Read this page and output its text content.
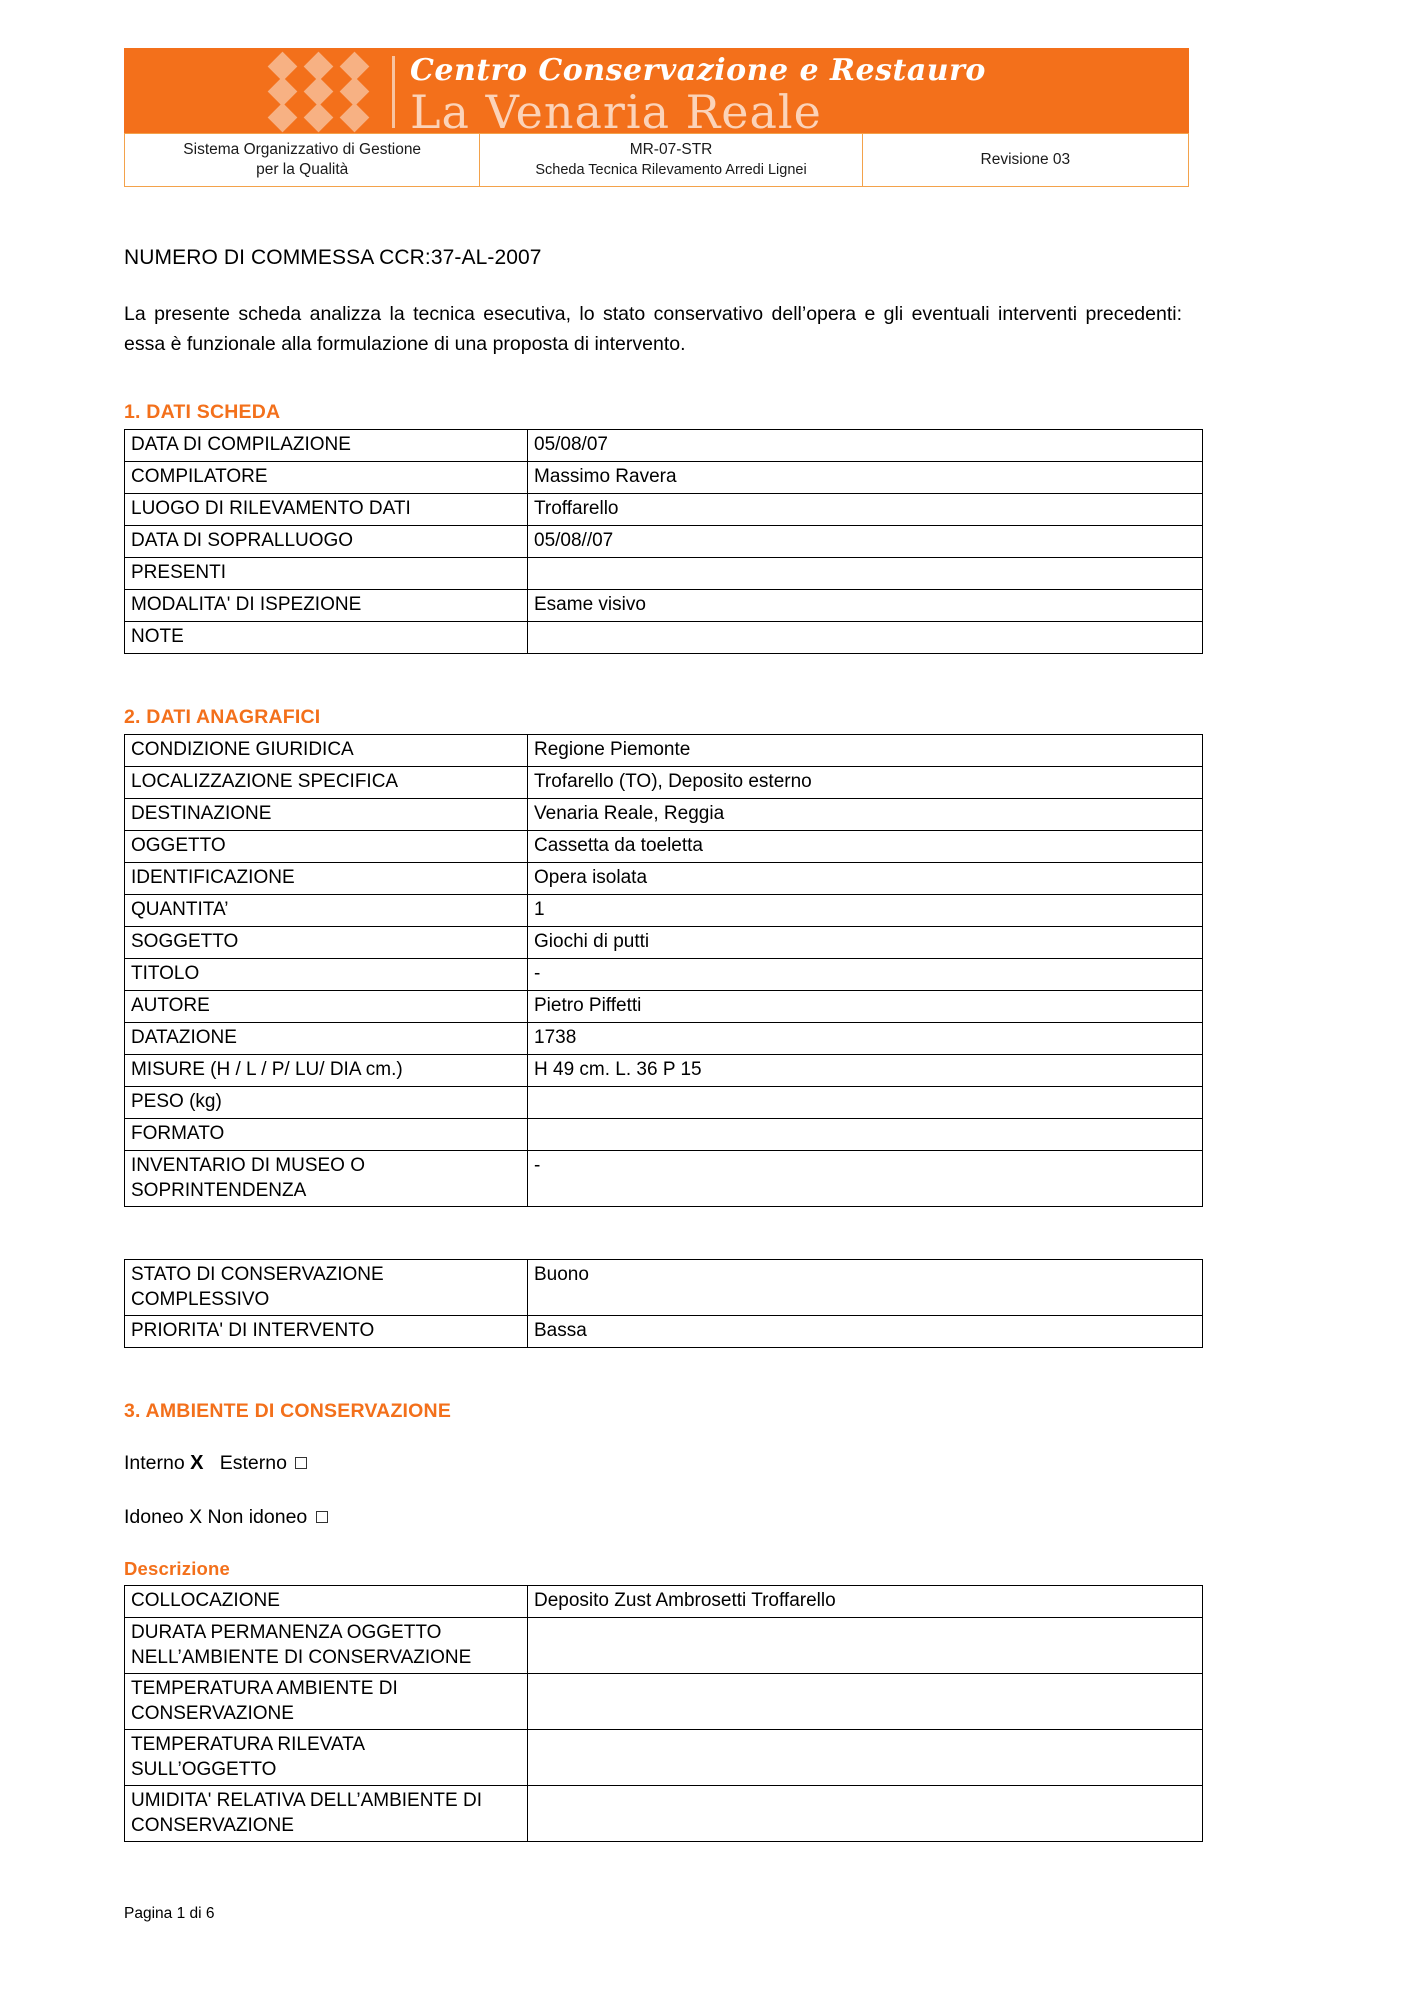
Centro Conservazione e Restauro
La Venaria Reale
Sistema Organizzativo di Gestione
per la Qualità

MR-07-STR
Scheda Tecnica Rilevamento Arredi Lignei
	Revisione 03
NUMERO DI COMMESSA CCR:37-AL-2007
La presente scheda analizza la tecnica esecutiva, lo stato conservativo dell’opera e gli eventuali interventi precedenti: essa è funzionale alla formulazione di una proposta di intervento.
1. DATI SCHEDA
DATA DI COMPILAZIONE	05/08/07

COMPILATORE	Massimo Ravera

LUOGO DI RILEVAMENTO DATI	Troffarello

DATA DI SOPRALLUOGO	05/08//07

PRESENTI	

MODALITA' DI ISPEZIONE	Esame visivo

NOTE	

2. DATI ANAGRAFICI
CONDIZIONE GIURIDICA	Regione Piemonte

LOCALIZZAZIONE SPECIFICA	Trofarello (TO), Deposito esterno

DESTINAZIONE	Venaria Reale, Reggia

OGGETTO	Cassetta da toeletta

IDENTIFICAZIONE	Opera isolata

QUANTITA’	1

SOGGETTO	Giochi di putti

TITOLO	-

AUTORE	Pietro Piffetti

DATAZIONE	1738

MISURE (H / L / P/ LU/ DIA cm.)	H 49 cm. L. 36 P 15

PESO (kg)	

FORMATO	

INVENTARIO DI MUSEO O
SOPRINTENDENZA	-
STATO DI CONSERVAZIONE
COMPLESSIVO	Buono

PRIORITA' DI INTERVENTO	Bassa
3. AMBIENTE DI CONSERVAZIONE
Interno X Esterno
Idoneo X Non idoneo
Descrizione
COLLOCAZIONE	Deposito Zust Ambrosetti Troffarello

DURATA PERMANENZA OGGETTO
NELL’AMBIENTE DI CONSERVAZIONE	

TEMPERATURA AMBIENTE DI
CONSERVAZIONE	

TEMPERATURA RILEVATA
SULL’OGGETTO	

UMIDITA' RELATIVA DELL’AMBIENTE DI
CONSERVAZIONE	

Pagina 1 di 6
